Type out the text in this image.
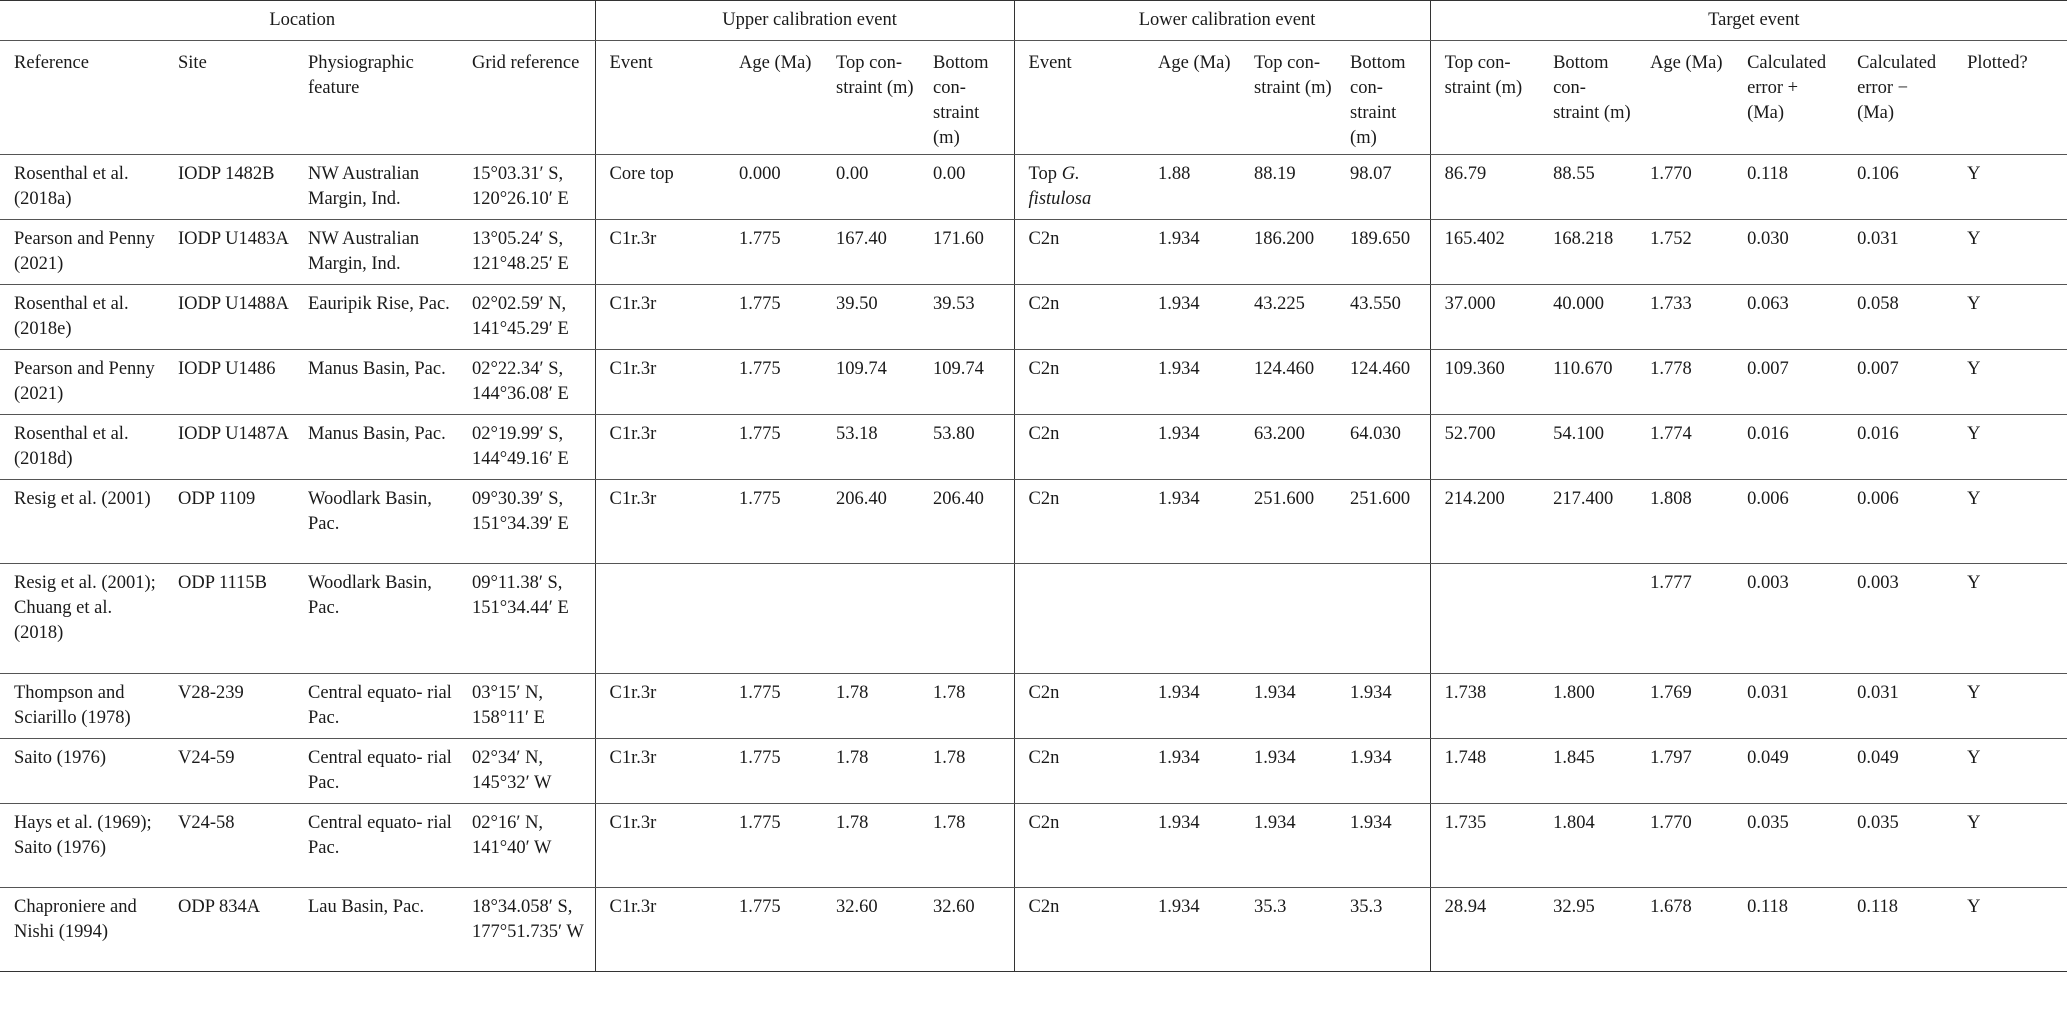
Location				Upper calibration event				Lower calibration event				Target event					
Reference	Site	Physiographic feature	Grid reference	Event	Age (Ma)	Top con- straint (m)	Bottom con- straint (m)	Event	Age (Ma)	Top con- straint (m)	Bottom con- straint (m)	Top con- straint (m)	Bottom con- straint (m)	Age (Ma)	Calculated error + (Ma)	Calculated error − (Ma)	Plotted?
Rosenthal et al. (2018a)	IODP 1482B	NW Australian Margin, Ind.	15°03.31′ S, 120°26.10′ E	Core top	0.000	0.00	0.00	Top G. fistulosa	1.88	88.19	98.07	86.79	88.55	1.770	0.118	0.106	Y
Pearson and Penny (2021)	IODP U1483A	NW Australian Margin, Ind.	13°05.24′ S, 121°48.25′ E	C1r.3r	1.775	167.40	171.60	C2n	1.934	186.200	189.650	165.402	168.218	1.752	0.030	0.031	Y
Rosenthal et al. (2018e)	IODP U1488A	Eauripik Rise, Pac.	02°02.59′ N, 141°45.29′ E	C1r.3r	1.775	39.50	39.53	C2n	1.934	43.225	43.550	37.000	40.000	1.733	0.063	0.058	Y
Pearson and Penny (2021)	IODP U1486	Manus Basin, Pac.	02°22.34′ S, 144°36.08′ E	C1r.3r	1.775	109.74	109.74	C2n	1.934	124.460	124.460	109.360	110.670	1.778	0.007	0.007	Y
Rosenthal et al. (2018d)	IODP U1487A	Manus Basin, Pac.	02°19.99′ S, 144°49.16′ E	C1r.3r	1.775	53.18	53.80	C2n	1.934	63.200	64.030	52.700	54.100	1.774	0.016	0.016	Y
Resig et al. (2001)	ODP 1109	Woodlark Basin, Pac.	09°30.39′ S, 151°34.39′ E	C1r.3r	1.775	206.40	206.40	C2n	1.934	251.600	251.600	214.200	217.400	1.808	0.006	0.006	Y
Resig et al. (2001); Chuang et al. (2018)	ODP 1115B	Woodlark Basin, Pac.	09°11.38′ S, 151°34.44′ E											1.777	0.003	0.003	Y
Thompson and Sciarillo (1978)	V28-239	Central equato- rial Pac.	03°15′ N, 158°11′ E	C1r.3r	1.775	1.78	1.78	C2n	1.934	1.934	1.934	1.738	1.800	1.769	0.031	0.031	Y
Saito (1976)	V24-59	Central equato- rial Pac.	02°34′ N, 145°32′ W	C1r.3r	1.775	1.78	1.78	C2n	1.934	1.934	1.934	1.748	1.845	1.797	0.049	0.049	Y
Hays et al. (1969); Saito (1976)	V24-58	Central equato- rial Pac.	02°16′ N, 141°40′ W	C1r.3r	1.775	1.78	1.78	C2n	1.934	1.934	1.934	1.735	1.804	1.770	0.035	0.035	Y
Chaproniere and Nishi (1994)	ODP 834A	Lau Basin, Pac.	18°34.058′ S, 177°51.735′ W	C1r.3r	1.775	32.60	32.60	C2n	1.934	35.3	35.3	28.94	32.95	1.678	0.118	0.118	Y
